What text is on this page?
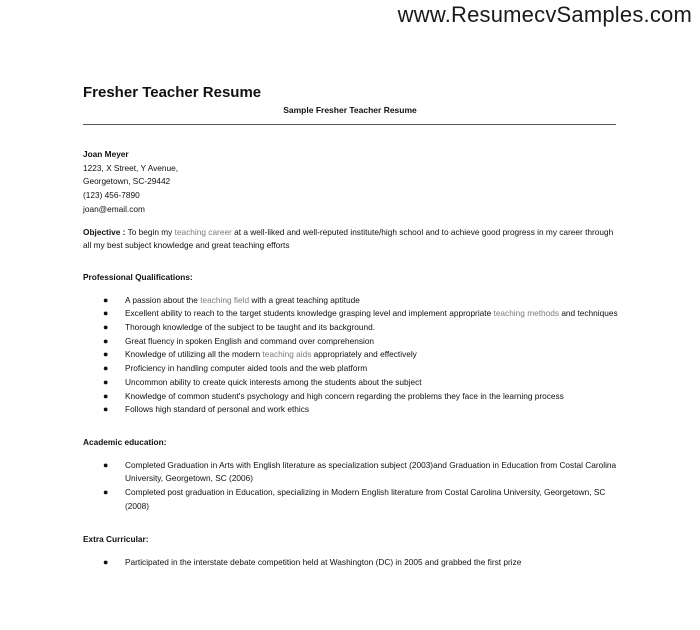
www.ResumecvSamples.com
Fresher Teacher Resume
Sample Fresher Teacher Resume
Joan Meyer
1223, X Street, Y Avenue,
Georgetown, SC-29442
(123) 456-7890
joan@email.com
Objective : To begin my teaching career at a well-liked and well-reputed institute/high school and to achieve good progress in my career through all my best subject knowledge and great teaching efforts
Professional Qualifications:
● A passion about the teaching field with a great teaching aptitude
● Excellent ability to reach to the target students knowledge grasping level and implement appropriate teaching methods and techniques
● Thorough knowledge of the subject to be taught and its background.
● Great fluency in spoken English and command over comprehension
● Knowledge of utilizing all the modern teaching aids appropriately and effectively
● Proficiency in handling computer aided tools and the web platform
● Uncommon ability to create quick interests among the students about the subject
● Knowledge of common student's psychology and high concern regarding the problems they face in the learning process
● Follows high standard of personal and work ethics
Academic education:
● Completed Graduation in Arts with English literature as specialization subject (2003)and Graduation in Education from Costal Carolina University, Georgetown, SC (2006)
● Completed post graduation in Education, specializing in Modern English literature from Costal Carolina University, Georgetown, SC (2008)
Extra Curricular:
● Participated in the interstate debate competition held at Washington (DC) in 2005 and grabbed the first prize
